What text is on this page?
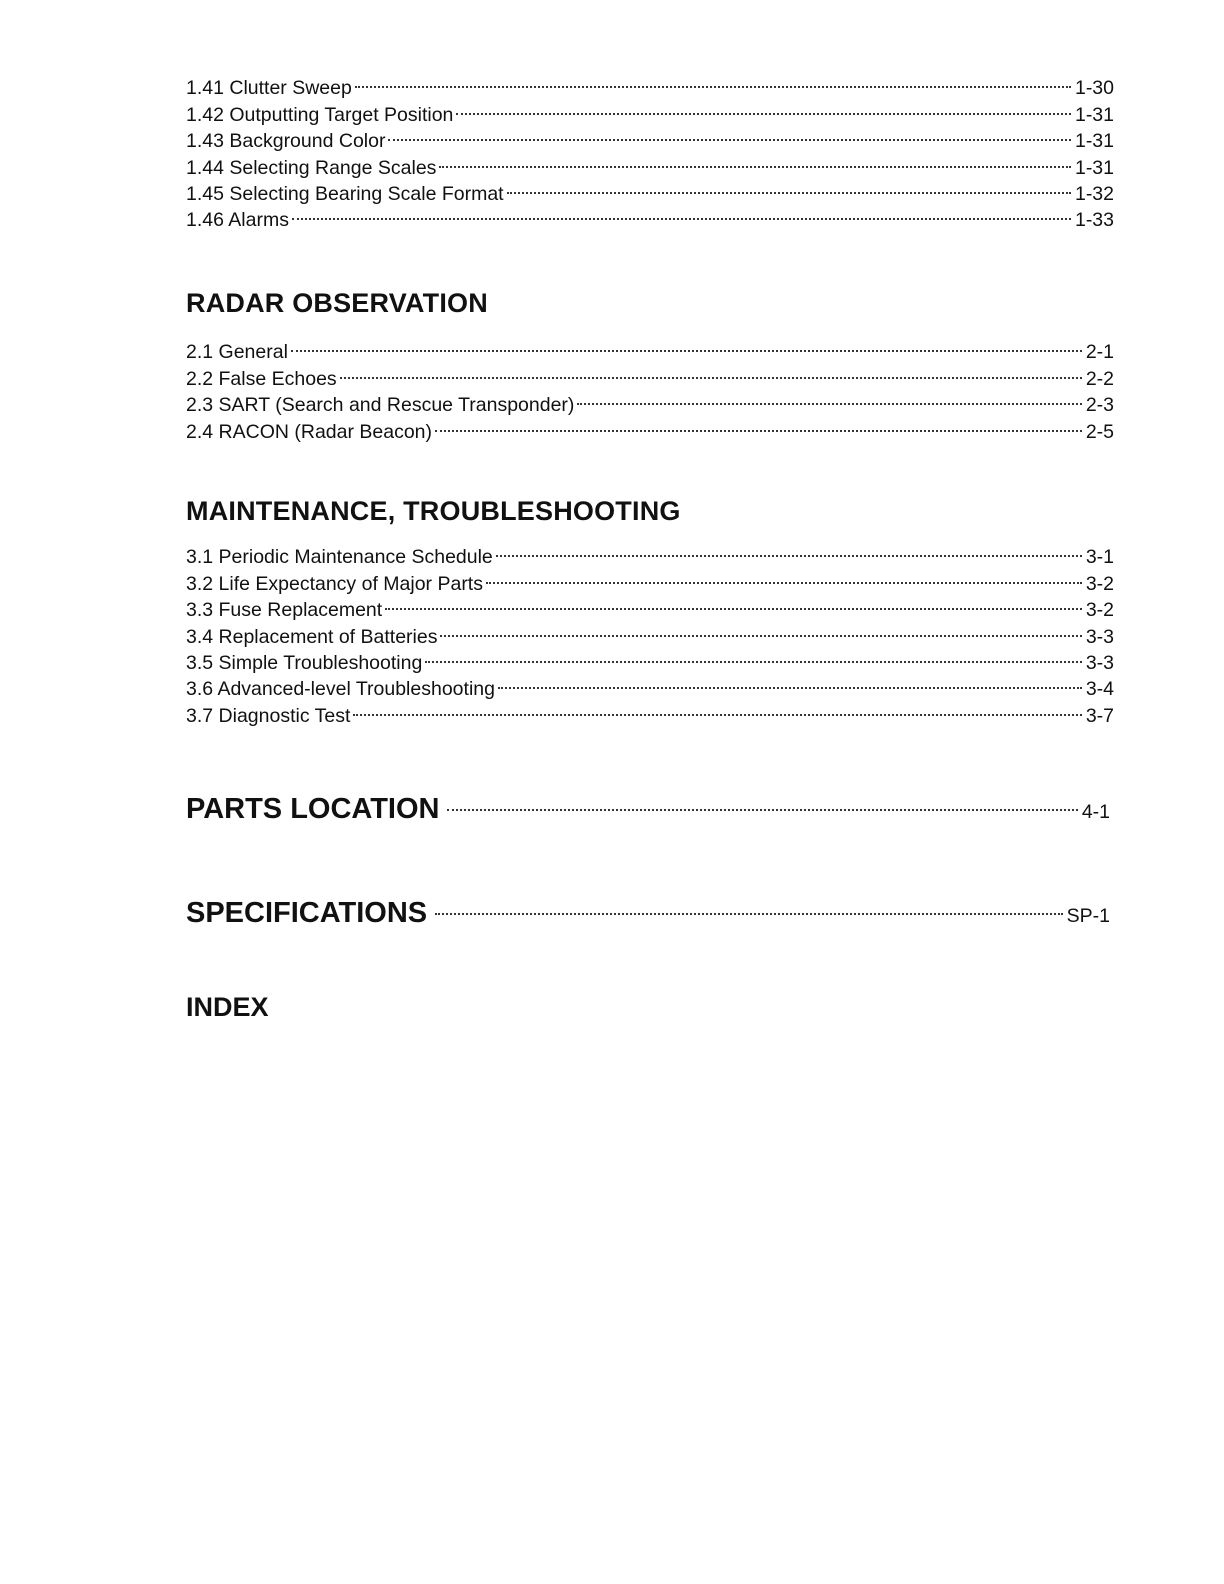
1.41 Clutter Sweep	1-30
1.42 Outputting Target Position	1-31
1.43 Background Color	1-31
1.44 Selecting Range Scales	1-31
1.45 Selecting Bearing Scale Format	1-32
1.46 Alarms	1-33
RADAR OBSERVATION
2.1 General	2-1
2.2 False Echoes	2-2
2.3 SART (Search and Rescue Transponder)	2-3
2.4 RACON (Radar Beacon)	2-5
MAINTENANCE, TROUBLESHOOTING
3.1 Periodic Maintenance Schedule	3-1
3.2 Life Expectancy of Major Parts	3-2
3.3 Fuse Replacement	3-2
3.4 Replacement of Batteries	3-3
3.5 Simple Troubleshooting	3-3
3.6 Advanced-level Troubleshooting	3-4
3.7 Diagnostic Test	3-7
PARTS LOCATION	4-1
SPECIFICATIONS	SP-1
INDEX
